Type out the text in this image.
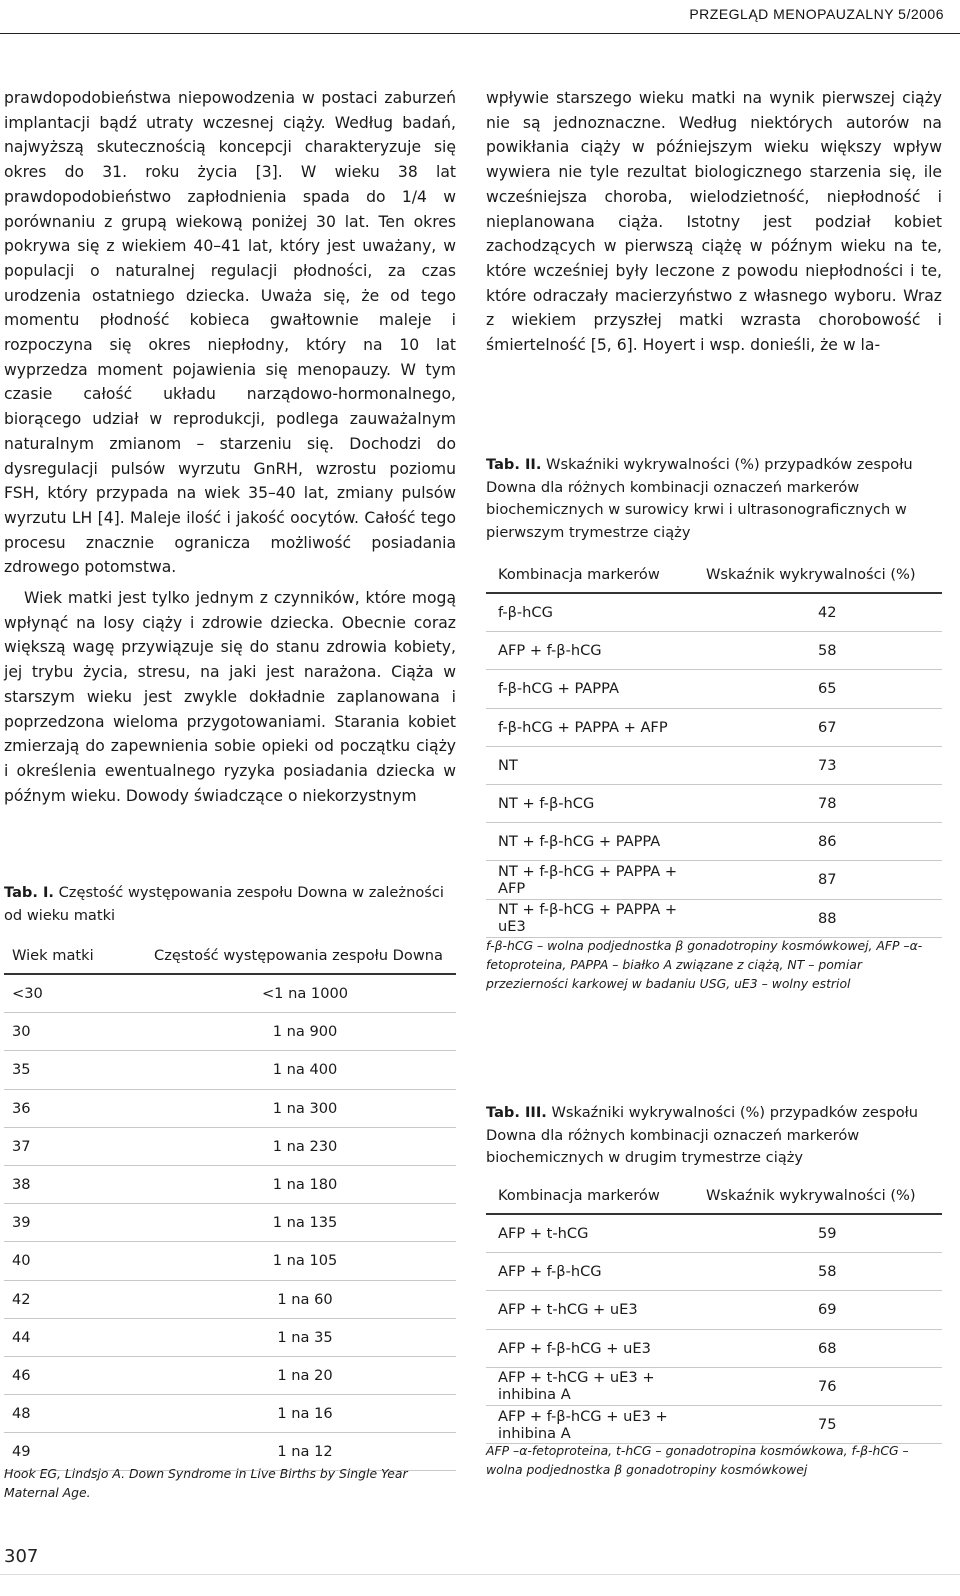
PRZEGLĄD MENOPAUZALNY 5/2006

prawdopodobieństwa niepowodzenia w postaci zaburzeń implantacji bądź utraty wczesnej ciąży. Według badań, najwyższą skutecznością koncepcji charakteryzuje się okres do 31. roku życia [3]. W wieku 38 lat prawdopodobieństwo zapłodnienia spada do 1/4 w porównaniu z grupą wiekową poniżej 30 lat. Ten okres pokrywa się z wiekiem 40–41 lat, który jest uważany, w populacji o naturalnej regulacji płodności, za czas urodzenia ostatniego dziecka. Uważa się, że od tego momentu płodność kobieca gwałtownie maleje i rozpoczyna się okres niepłodny, który na 10 lat wyprzedza moment pojawienia się menopauzy. W tym czasie całość układu narządowo-hormonalnego, biorącego udział w reprodukcji, podlega zauważalnym naturalnym zmianom – starzeniu się. Dochodzi do dysregulacji pulsów wyrzutu GnRH, wzrostu poziomu FSH, który przypada na wiek 35–40 lat, zmiany pulsów wyrzutu LH [4]. Maleje ilość i jakość oocytów. Całość tego procesu znacznie ogranicza możliwość posiadania zdrowego potomstwa.

Wiek matki jest tylko jednym z czynników, które mogą wpłynąć na losy ciąży i zdrowie dziecka. Obecnie coraz większą wagę przywiązuje się do stanu zdrowia kobiety, jej trybu życia, stresu, na jaki jest narażona. Ciąża w starszym wieku jest zwykle dokładnie zaplanowana i poprzedzona wieloma przygotowaniami. Starania kobiet zmierzają do zapewnienia sobie opieki od początku ciąży i określenia ewentualnego ryzyka posiadania dziecka w późnym wieku. Dowody świadczące o niekorzystnym

wpływie starszego wieku matki na wynik pierwszej ciąży nie są jednoznaczne. Według niektórych autorów na powikłania ciąży w późniejszym wieku większy wpływ wywiera nie tyle rezultat biologicznego starzenia się, ile wcześniejsza choroba, wielodzietność, niepłodność i nieplanowana ciąża. Istotny jest podział kobiet zachodzących w pierwszą ciążę w późnym wieku na te, które wcześniej były leczone z powodu niepłodności i te, które odraczały macierzyństwo z własnego wyboru. Wraz z wiekiem przyszłej matki wzrasta chorobowość i śmiertelność [5, 6]. Hoyert i wsp. donieśli, że w la-

Tab. I. Częstość występowania zespołu Downa w zależności od wieku matki
Wiek matki	Częstość występowania zespołu Downa
<30	<1 na 1000
30	1 na 900
35	1 na 400
36	1 na 300
37	1 na 230
38	1 na 180
39	1 na 135
40	1 na 105
42	1 na 60
44	1 na 35
46	1 na 20
48	1 na 16
49	1 na 12
Hook EG, Lindsjo A. Down Syndrome in Live Births by Single Year Maternal Age.
Tab. II. Wskaźniki wykrywalności (%) przypadków zespołu Downa dla różnych kombinacji oznaczeń markerów biochemicznych w surowicy krwi i ultrasonograficznych w pierwszym trymestrze ciąży
Kombinacja markerów	Wskaźnik wykrywalności (%)
f-β-hCG	42
AFP + f-β-hCG	58
f-β-hCG + PAPPA	65
f-β-hCG + PAPPA + AFP	67
NT	73
NT + f-β-hCG	78
NT + f-β-hCG + PAPPA	86
NT + f-β-hCG + PAPPA + AFP	87
NT + f-β-hCG + PAPPA + uE3	88
f-β-hCG – wolna podjednostka β gonadotropiny kosmówkowej, AFP –α-fetoproteina, PAPPA – białko A związane z ciążą, NT – pomiar przezierności karkowej w badaniu USG, uE3 – wolny estriol
Tab. III. Wskaźniki wykrywalności (%) przypadków zespołu Downa dla różnych kombinacji oznaczeń markerów biochemicznych w drugim trymestrze ciąży
Kombinacja markerów	Wskaźnik wykrywalności (%)
AFP + t-hCG	59
AFP + f-β-hCG	58
AFP + t-hCG + uE3	69
AFP + f-β-hCG + uE3	68
AFP + t-hCG + uE3 + inhibina A	76
AFP + f-β-hCG + uE3 + inhibina A	75
AFP –α-fetoproteina, t-hCG – gonadotropina kosmówkowa, f-β-hCG – wolna podjednostka β gonadotropiny kosmówkowej
307
